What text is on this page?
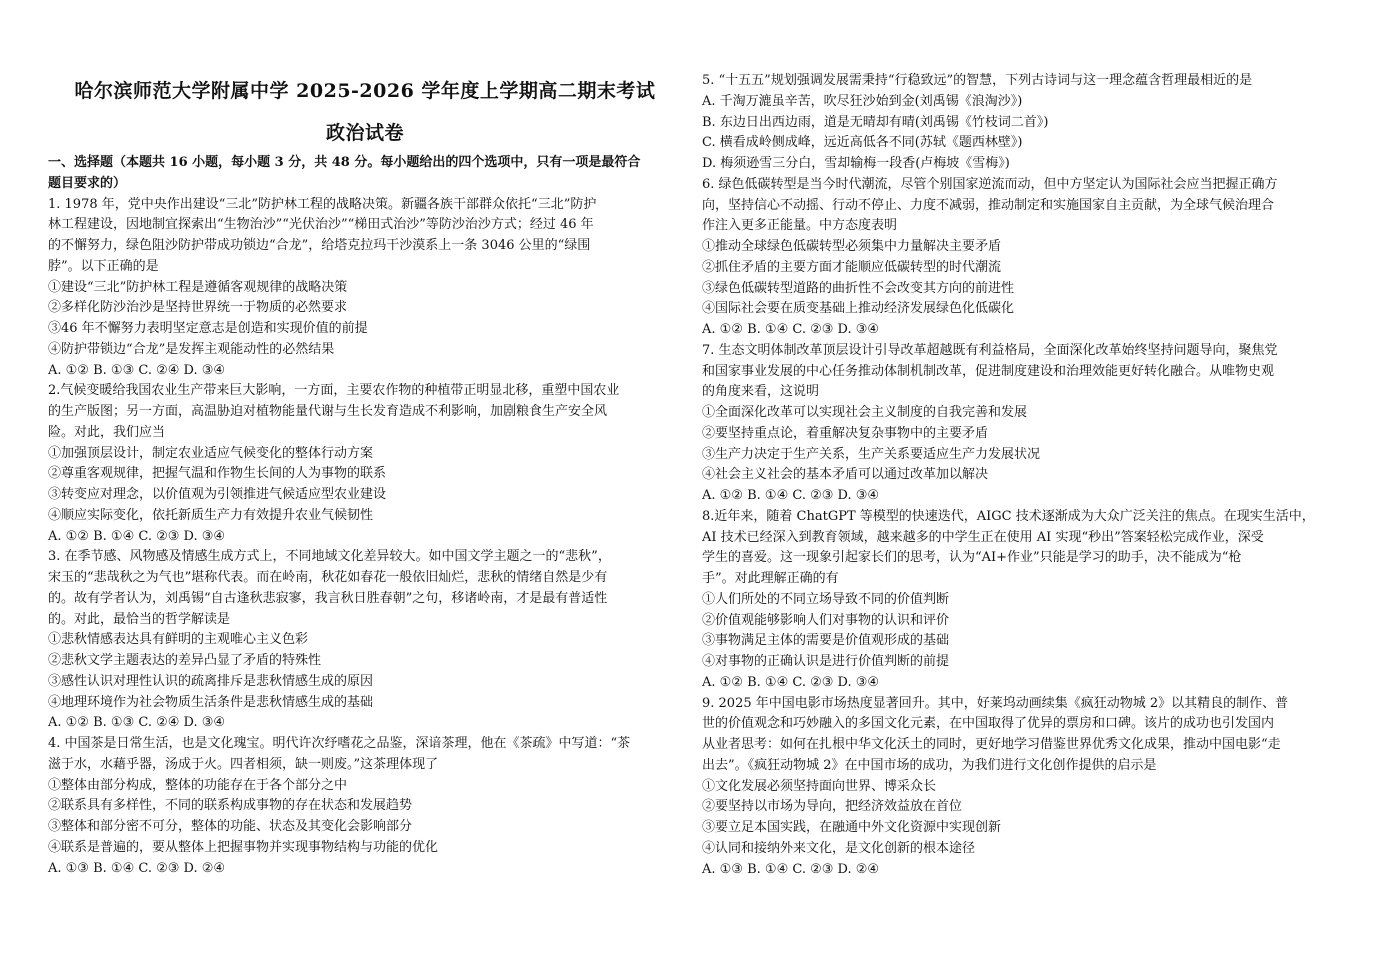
哈尔滨师范大学附属中学 2025-2026 学年度上学期高二期末考试
政治试卷
一、选择题（本题共 16 小题，每小题 3 分，共 48 分。每小题给出的四个选项中，只有一项是最符合
题目要求的）
1. 1978 年，党中央作出建设“三北”防护林工程的战略决策。新疆各族干部群众依托“三北”防护
林工程建设，因地制宜探索出“生物治沙”“光伏治沙”“梯田式治沙”等防沙治沙方式；经过 46 年
的不懈努力，绿色阻沙防护带成功锁边“合龙”，给塔克拉玛干沙漠系上一条 3046 公里的“绿围
脖”。以下正确的是
①建设“三北”防护林工程是遵循客观规律的战略决策
②多样化防沙治沙是坚持世界统一于物质的必然要求
③46 年不懈努力表明坚定意志是创造和实现价值的前提
④防护带锁边“合龙”是发挥主观能动性的必然结果
A. ①② B. ①③ C. ②④ D. ③④
2.气候变暖给我国农业生产带来巨大影响，一方面，主要农作物的种植带正明显北移，重塑中国农业
的生产版图；另一方面，高温胁迫对植物能量代谢与生长发育造成不利影响，加剧粮食生产安全风
险。对此，我们应当
①加强顶层设计，制定农业适应气候变化的整体行动方案
②尊重客观规律，把握气温和作物生长间的人为事物的联系
③转变应对理念，以价值观为引领推进气候适应型农业建设
④顺应实际变化，依托新质生产力有效提升农业气候韧性
A. ①② B. ①④ C. ②③ D. ③④
3. 在季节感、风物感及情感生成方式上，不同地域文化差异较大。如中国文学主题之一的“悲秋”，
宋玉的“悲哉秋之为气也”堪称代表。而在岭南，秋花如春花一般依旧灿烂，悲秋的情绪自然是少有
的。故有学者认为，刘禹锡“自古逢秋悲寂寥，我言秋日胜春朝”之句，移诸岭南，才是最有普适性
的。对此，最恰当的哲学解读是
①悲秋情感表达具有鲜明的主观唯心主义色彩
②悲秋文学主题表达的差异凸显了矛盾的特殊性
③感性认识对理性认识的疏离排斥是悲秋情感生成的原因
④地理环境作为社会物质生活条件是悲秋情感生成的基础
A. ①② B. ①③ C. ②④ D. ③④
4. 中国茶是日常生活，也是文化瑰宝。明代许次纾嗜花之品鉴，深谙茶理，他在《茶疏》中写道：“茶
滋于水，水藉乎器，汤成于火。四者相须，缺一则废。”这茶理体现了
①整体由部分构成，整体的功能存在于各个部分之中
②联系具有多样性，不同的联系构成事物的存在状态和发展趋势
③整体和部分密不可分，整体的功能、状态及其变化会影响部分
④联系是普遍的，要从整体上把握事物并实现事物结构与功能的优化
A. ①③ B. ①④ C. ②③ D. ②④
5. “十五五”规划强调发展需秉持“行稳致远”的智慧，下列古诗词与这一理念蕴含哲理最相近的是
A. 千淘万漉虽辛苦，吹尽狂沙始到金(刘禹锡《浪淘沙》)
B. 东边日出西边雨，道是无晴却有晴(刘禹锡《竹枝词二首》)
C. 横看成岭侧成峰，远近高低各不同(苏轼《题西林壁》)
D. 梅须逊雪三分白，雪却输梅一段香(卢梅坡《雪梅》)
6. 绿色低碳转型是当今时代潮流，尽管个别国家逆流而动，但中方坚定认为国际社会应当把握正确方
向，坚持信心不动摇、行动不停止、力度不减弱，推动制定和实施国家自主贡献，为全球气候治理合
作注入更多正能量。中方态度表明
①推动全球绿色低碳转型必须集中力量解决主要矛盾
②抓住矛盾的主要方面才能顺应低碳转型的时代潮流
③绿色低碳转型道路的曲折性不会改变其方向的前进性
④国际社会要在质变基础上推动经济发展绿色化低碳化
A. ①② B. ①④ C. ②③ D. ③④
7. 生态文明体制改革顶层设计引导改革超越既有利益格局，全面深化改革始终坚持问题导向，聚焦党
和国家事业发展的中心任务推动体制机制改革，促进制度建设和治理效能更好转化融合。从唯物史观
的角度来看，这说明
①全面深化改革可以实现社会主义制度的自我完善和发展
②要坚持重点论，着重解决复杂事物中的主要矛盾
③生产力决定于生产关系，生产关系要适应生产力发展状况
④社会主义社会的基本矛盾可以通过改革加以解决
A. ①② B. ①④ C. ②③ D. ③④
8.近年来，随着 ChatGPT 等模型的快速迭代，AIGC 技术逐渐成为大众广泛关注的焦点。在现实生活中，
AI 技术已经深入到教育领域，越来越多的中学生正在使用 AI 实现“秒出”答案轻松完成作业，深受
学生的喜爱。这一现象引起家长们的思考，认为“AI+作业”只能是学习的助手，决不能成为“枪
手”。对此理解正确的有
①人们所处的不同立场导致不同的价值判断
②价值观能够影响人们对事物的认识和评价
③事物满足主体的需要是价值观形成的基础
④对事物的正确认识是进行价值判断的前提
A. ①② B. ①④ C. ②③ D. ③④
9. 2025 年中国电影市场热度显著回升。其中，好莱坞动画续集《疯狂动物城 2》以其精良的制作、普
世的价值观念和巧妙融入的多国文化元素，在中国取得了优异的票房和口碑。该片的成功也引发国内
从业者思考：如何在扎根中华文化沃土的同时，更好地学习借鉴世界优秀文化成果，推动中国电影“走
出去”。《疯狂动物城 2》在中国市场的成功，为我们进行文化创作提供的启示是
①文化发展必须坚持面向世界、博采众长
②要坚持以市场为导向，把经济效益放在首位
③要立足本国实践，在融通中外文化资源中实现创新
④认同和接纳外来文化，是文化创新的根本途径
A. ①③ B. ①④ C. ②③ D. ②④
